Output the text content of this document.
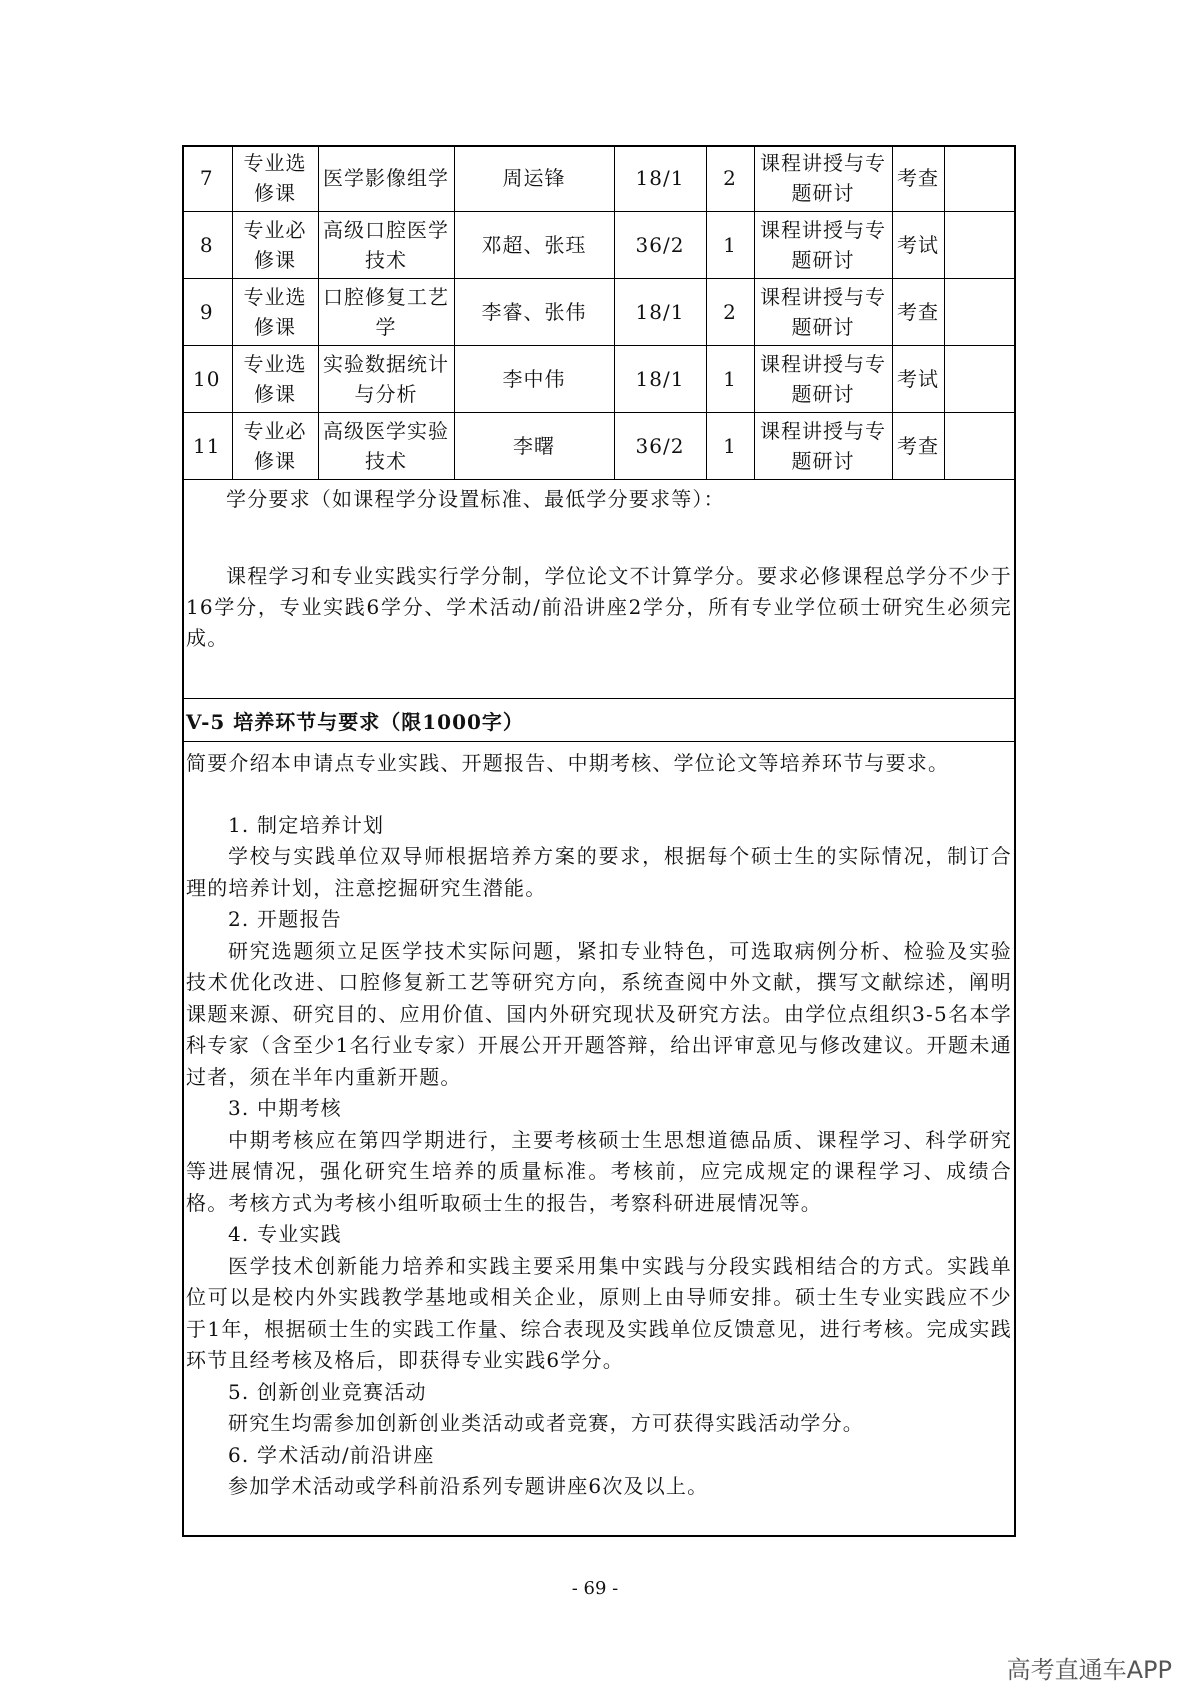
7	专业选修课	医学影像组学	周运锋	18/1	2	课程讲授与专题研讨	考查	
8	专业必修课	高级口腔医学技术	邓超、张珏	36/2	1	课程讲授与专题研讨	考试	
9	专业选修课	口腔修复工艺学	李睿、张伟	18/1	2	课程讲授与专题研讨	考查	
10	专业选修课	实验数据统计与分析	李中伟	18/1	1	课程讲授与专题研讨	考试	
11	专业必修课	高级医学实验技术	李曙	36/2	1	课程讲授与专题研讨	考查	

学分要求（如课程学分设置标准、最低学分要求等）：

课程学习和专业实践实行学分制，学位论文不计算学分。要求必修课程总学分不少于16学分，专业实践6学分、学术活动/前沿讲座2学分，所有专业学位硕士研究生必须完成。

V-5 培养环节与要求（限1000字）

简要介绍本申请点专业实践、开题报告、中期考核、学位论文等培养环节与要求。

1. 制定培养计划

学校与实践单位双导师根据培养方案的要求，根据每个硕士生的实际情况，制订合理的培养计划，注意挖掘研究生潜能。

2. 开题报告

研究选题须立足医学技术实际问题，紧扣专业特色，可选取病例分析、检验及实验技术优化改进、口腔修复新工艺等研究方向，系统查阅中外文献，撰写文献综述，阐明课题来源、研究目的、应用价值、国内外研究现状及研究方法。由学位点组织3-5名本学科专家（含至少1名行业专家）开展公开开题答辩，给出评审意见与修改建议。开题未通过者，须在半年内重新开题。

3. 中期考核

中期考核应在第四学期进行，主要考核硕士生思想道德品质、课程学习、科学研究等进展情况，强化研究生培养的质量标准。考核前，应完成规定的课程学习、成绩合格。考核方式为考核小组听取硕士生的报告，考察科研进展情况等。

4. 专业实践

医学技术创新能力培养和实践主要采用集中实践与分段实践相结合的方式。实践单位可以是校内外实践教学基地或相关企业，原则上由导师安排。硕士生专业实践应不少于1年，根据硕士生的实践工作量、综合表现及实践单位反馈意见，进行考核。完成实践环节且经考核及格后，即获得专业实践6学分。

5. 创新创业竞赛活动

研究生均需参加创新创业类活动或者竞赛，方可获得实践活动学分。

6. 学术活动/前沿讲座

参加学术活动或学科前沿系列专题讲座6次及以上。

- 69 -
高考直通车APP
